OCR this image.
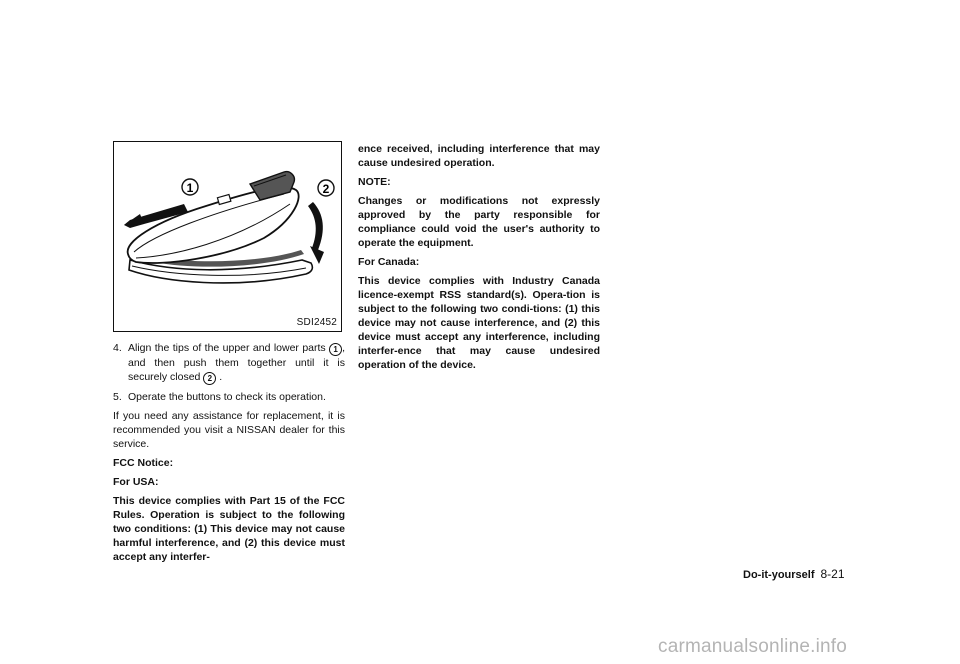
1	2
SDI2452

4. Align the tips of the upper and lower parts 1 , and then push them together until it is securely closed 2 .

5. Operate the buttons to check its operation.

If you need any assistance for replacement, it is recommended you visit a NISSAN dealer for this service.

FCC Notice:

For USA:

This device complies with Part 15 of the FCC Rules. Operation is subject to the following two conditions: (1) This device may not cause harmful interference, and (2) this device must accept any interfer-

ence received, including interference that may cause undesired operation.

NOTE:

Changes or modifications not expressly approved by the party responsible for compliance could void the user's authority to operate the equipment.

For Canada:

This device complies with Industry Canada licence-exempt RSS standard(s). Opera-tion is subject to the following two condi-tions: (1) this device may not cause interference, and (2) this device must accept any interference, including interfer-ence that may cause undesired operation of the device.

Do-it-yourself 8-21
carmanualsonline.info
